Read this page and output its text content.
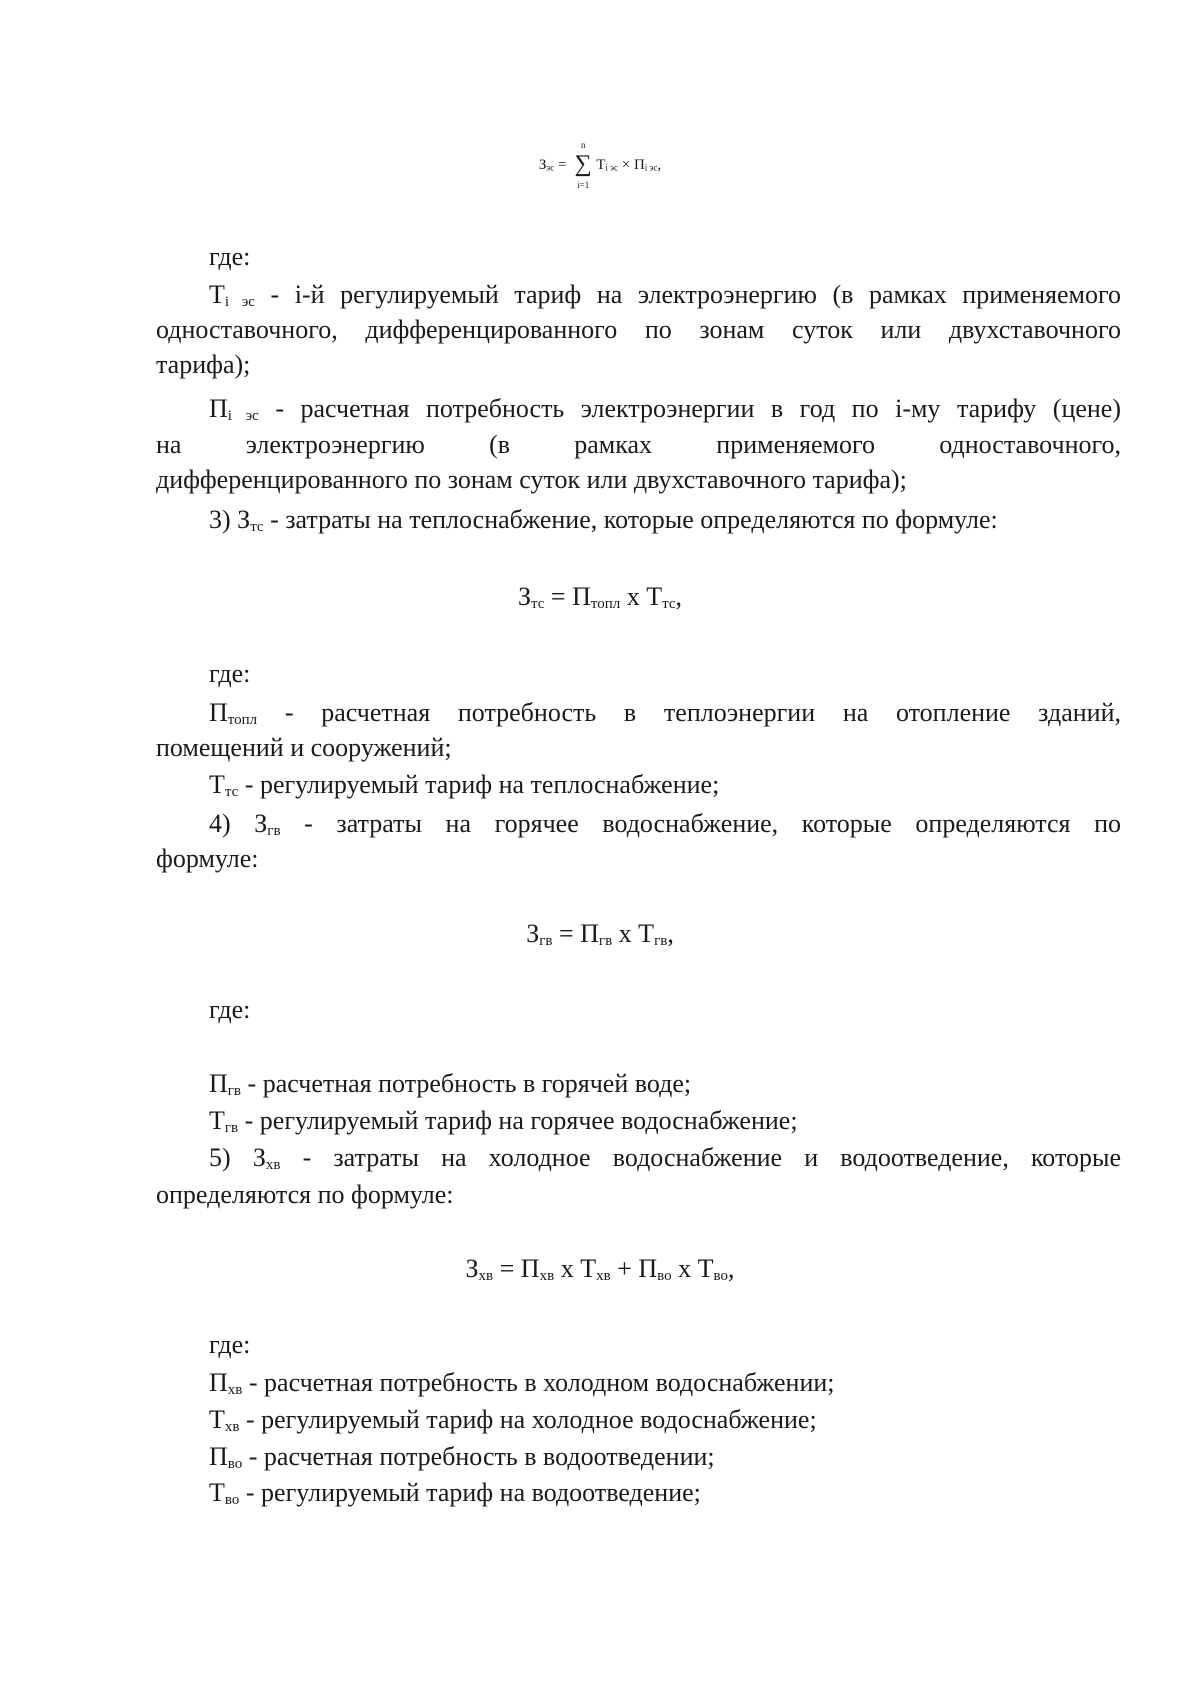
$З_{эс}$ =
n
∑
i=1
$T_{i эс} \times П_{i эс}$,
где:
$Т_{i эс} - i-й$ регулируемый тариф на электроэнергию (в рамках применяемого
одноставочного, дифференцированного по зонам суток или двухставочного
тарифа);
$П_{i эс}$ - расчетная потребность электроэнергии в год по i-му тарифу (цене)
на электроэнергию (в рамках применяемого одноставочного,
дифференцированного по зонам суток или двухставочного тарифа);
3) $З_{тс}$ - затраты на теплоснабжение, которые определяются по формуле:
$З_{тс} = П_{топл}$ x $Т_{тс}$,
где:
$П_{топл}$ - расчетная потребность в теплоэнергии на отопление зданий,
помещений и сооружений;
$Т_{тс}$ - регулируемый тариф на теплоснабжение;
4) $З_{гв}$ - затраты на горячее водоснабжение, которые определяются по
формуле:
$З_{гв} = П_{гв}$ x $Т_{гв}$,
где:
$П_{гв}$ - расчетная потребность в горячей воде;
$Т_{гв}$ - регулируемый тариф на горячее водоснабжение;
5) $З_{хв}$ - затраты на холодное водоснабжение и водоотведение, которые
определяются по формуле:
$З_{хв} = П_{хв}$ x $Т_{хв} + П_{во}$ x $Т_{во}$,
где:
$П_{хв}$ - расчетная потребность в холодном водоснабжении;
$Т_{хв}$ - регулируемый тариф на холодное водоснабжение;
$П_{во}$ - расчетная потребность в водоотведении;
$Т_{во}$ - регулируемый тариф на водоотведение;
